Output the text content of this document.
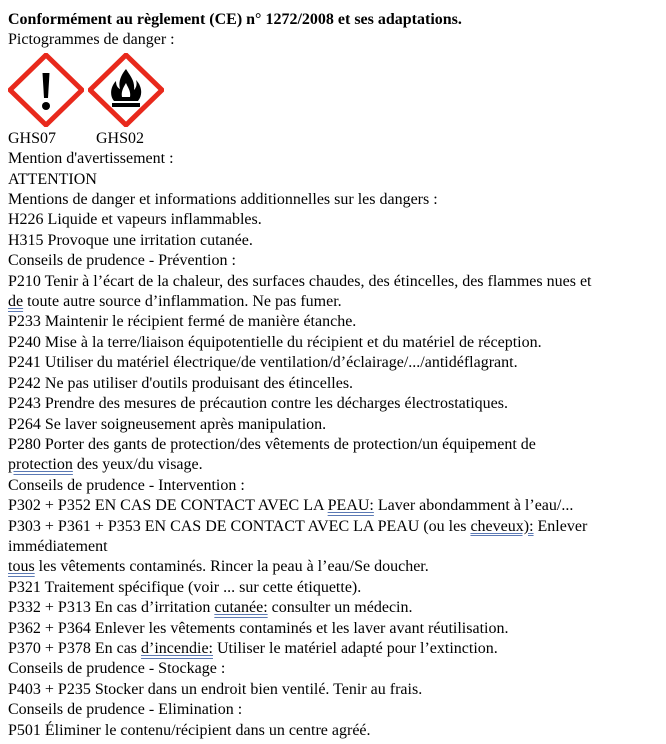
Conformément au règlement (CE) n° 1272/2008 et ses adaptations.
Pictogrammes de danger :
GHS07	GHS02
Mention d'avertissement :
ATTENTION
Mentions de danger et informations additionnelles sur les dangers :
H226 Liquide et vapeurs inflammables.
H315 Provoque une irritation cutanée.
Conseils de prudence - Prévention :
P210 Tenir à l’écart de la chaleur, des surfaces chaudes, des étincelles, des flammes nues et
de toute autre source d’inflammation. Ne pas fumer.
P233 Maintenir le récipient fermé de manière étanche.
P240 Mise à la terre/liaison équipotentielle du récipient et du matériel de réception.
P241 Utiliser du matériel électrique/de ventilation/d’éclairage/.../antidéflagrant.
P242 Ne pas utiliser d'outils produisant des étincelles.
P243 Prendre des mesures de précaution contre les décharges électrostatiques.
P264 Se laver soigneusement après manipulation.
P280 Porter des gants de protection/des vêtements de protection/un équipement de
protection des yeux/du visage.
Conseils de prudence - Intervention :
P302 + P352 EN CAS DE CONTACT AVEC LA PEAU: Laver abondamment à l’eau/...
P303 + P361 + P353 EN CAS DE CONTACT AVEC LA PEAU (ou les cheveux): Enlever immédiatement
tous les vêtements contaminés. Rincer la peau à l’eau/Se doucher.
P321 Traitement spécifique (voir ... sur cette étiquette).
P332 + P313 En cas d’irritation cutanée: consulter un médecin.
P362 + P364 Enlever les vêtements contaminés et les laver avant réutilisation.
P370 + P378 En cas d’incendie: Utiliser le matériel adapté pour l’extinction.
Conseils de prudence - Stockage :
P403 + P235 Stocker dans un endroit bien ventilé. Tenir au frais.
Conseils de prudence - Elimination :
P501 Éliminer le contenu/récipient dans un centre agréé.
